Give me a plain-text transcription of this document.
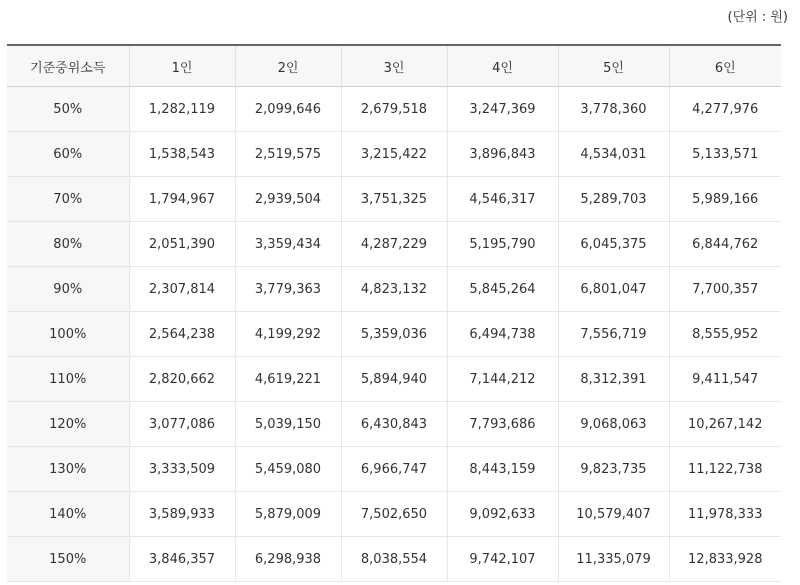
(단위 : 원)
기준중위소득	1인	2인	3인	4인	5인	6인
50%	1,282,119	2,099,646	2,679,518	3,247,369	3,778,360	4,277,976
60%	1,538,543	2,519,575	3,215,422	3,896,843	4,534,031	5,133,571
70%	1,794,967	2,939,504	3,751,325	4,546,317	5,289,703	5,989,166
80%	2,051,390	3,359,434	4,287,229	5,195,790	6,045,375	6,844,762
90%	2,307,814	3,779,363	4,823,132	5,845,264	6,801,047	7,700,357
100%	2,564,238	4,199,292	5,359,036	6,494,738	7,556,719	8,555,952
110%	2,820,662	4,619,221	5,894,940	7,144,212	8,312,391	9,411,547
120%	3,077,086	5,039,150	6,430,843	7,793,686	9,068,063	10,267,142
130%	3,333,509	5,459,080	6,966,747	8,443,159	9,823,735	11,122,738
140%	3,589,933	5,879,009	7,502,650	9,092,633	10,579,407	11,978,333
150%	3,846,357	6,298,938	8,038,554	9,742,107	11,335,079	12,833,928
